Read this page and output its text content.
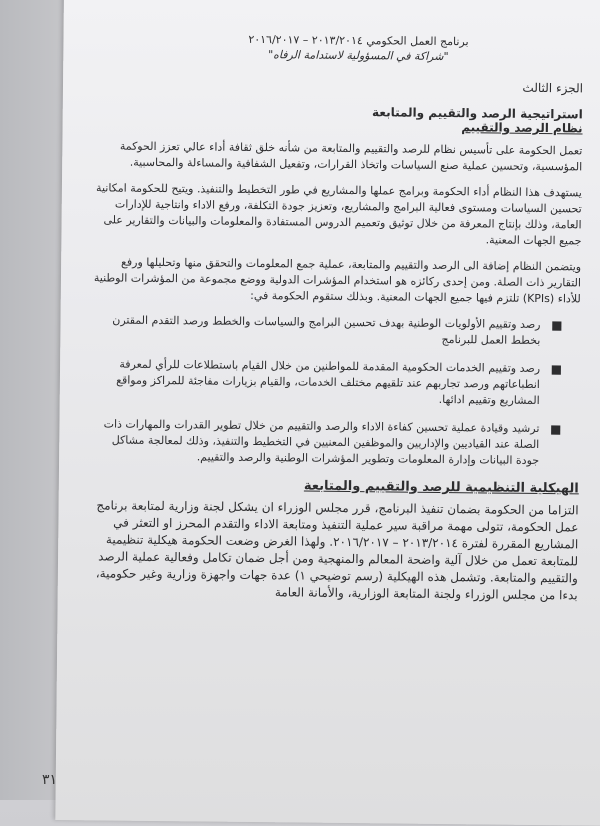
برنامج العمل الحكومي ٢٠١٣/٢٠١٤ – ٢٠١٦/٢٠١٧
"شراكة في المسؤولية لاستدامة الرفاه"
الجزء الثالث
استراتيجية الرصد والتقييم والمتابعة
نظام الرصد والتقييم

تعمل الحكومة على تأسيس نظام للرصد والتقييم والمتابعة من شأنه خلق ثقافة أداء عالي تعزز الحوكمة المؤسسية، وتحسين عملية صنع السياسات واتخاذ القرارات، وتفعيل الشفافية والمساءلة والمحاسبية.

يستهدف هذا النظام أداء الحكومة وبرامج عملها والمشاريع في طور التخطيط والتنفيذ. ويتيح للحكومة امكانية تحسين السياسات ومستوى فعالية البرامج والمشاريع، وتعزيز جودة التكلفة، ورفع الاداء وانتاجية للإدارات العامة، وذلك بإنتاج المعرفة من خلال توثيق وتعميم الدروس المستفادة والمعلومات والبيانات والتقارير على جميع الجهات المعنية.

ويتضمن النظام إضافة الى الرصد والتقييم والمتابعة، عملية جمع المعلومات والتحقق منها وتحليلها ورفع التقارير ذات الصلة. ومن إحدى ركائزه هو استخدام المؤشرات الدولية ووضع مجموعة من المؤشرات الوطنية للأداء (KPIs) تلتزم فيها جميع الجهات المعنية. وبذلك ستقوم الحكومة في:

■
رصد وتقييم الأولويات الوطنية بهدف تحسين البرامج والسياسات والخطط ورصد التقدم المقترن بخطط العمل للبرنامج
■
رصد وتقييم الخدمات الحكومية المقدمة للمواطنين من خلال القيام باستطلاعات للرأي لمعرفة انطباعاتهم ورصد تجاربهم عند تلقيهم مختلف الخدمات، والقيام بزيارات مفاجئة للمراكز ومواقع المشاريع وتقييم ادائها.
■
ترشيد وقيادة عملية تحسين كفاءة الاداء والرصد والتقييم من خلال تطوير القدرات والمهارات ذات الصلة عند القياديين والإداريين والموظفين المعنيين في التخطيط والتنفيذ، وذلك لمعالجة مشاكل جودة البيانات وإدارة المعلومات وتطوير المؤشرات الوطنية والرصد والتقييم.
الهيكلية التنظيمية للرصد والتقييم والمتابعة

التزاما من الحكومة بضمان تنفيذ البرنامج، قرر مجلس الوزراء ان يشكل لجنة وزارية لمتابعة برنامج عمل الحكومة، تتولى مهمة مراقبة سير عملية التنفيذ ومتابعة الاداء والتقدم المحرز او التعثر في المشاريع المقررة لفترة ٢٠١٣/٢٠١٤ – ٢٠١٦/٢٠١٧. ولهذا الغرض وضعت الحكومة هيكلية تنظيمية للمتابعة تعمل من خلال آلية واضحة المعالم والمنهجية ومن أجل ضمان تكامل وفعالية عملية الرصد والتقييم والمتابعة. وتشمل هذه الهيكلية (رسم توضيحي ١) عدة جهات واجهزة وزارية وغير حكومية، بدءا من مجلس الوزراء ولجنة المتابعة الوزارية، والأمانة العامة

٣١
